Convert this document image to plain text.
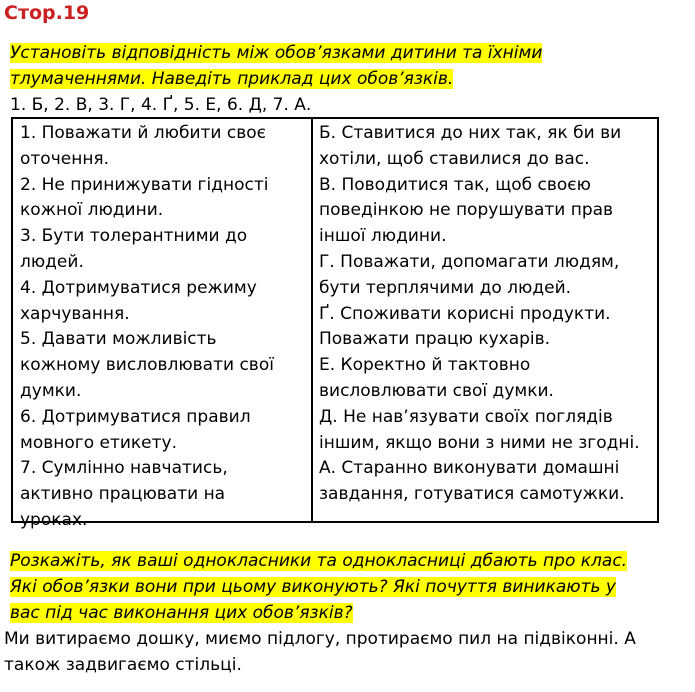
Стор.19
Установіть відповідність між обов’язками дитини та їхніми
тлумаченнями. Наведіть приклад цих обов’язків.
1. Б, 2. В, 3. Г, 4. Ґ, 5. Е, 6. Д, 7. А.
1. Поважати й любити своє
оточення.
2. Не принижувати гідності
кожної людини.
3. Бути толерантними до
людей.
4. Дотримуватися режиму
харчування.
5. Давати можливість
кожному висловлювати свої
думки.
6. Дотримуватися правил
мовного етикету.
7. Сумлінно навчатись,
активно працювати на
уроках.
Б. Ставитися до них так, як би ви
хотіли, щоб ставилися до вас.
В. Поводитися так, щоб своєю
поведінкою не порушувати прав
іншої людини.
Г. Поважати, допомагати людям,
бути терплячими до людей.
Ґ. Споживати корисні продукти.
Поважати працю кухарів.
Е. Коректно й тактовно
висловлювати свої думки.
Д. Не нав’язувати своїх поглядів
іншим, якщо вони з ними не згодні.
А. Старанно виконувати домашні
завдання, готуватися самотужки.
Розкажіть, як ваші однокласники та однокласниці дбають про клас.
Які обов’язки вони при цьому виконують? Які почуття виникають у
вас під час виконання цих обов’язків?
Ми витираємо дошку, миємо підлогу, протираємо пил на підвіконні. А також задвигаємо стільці.
